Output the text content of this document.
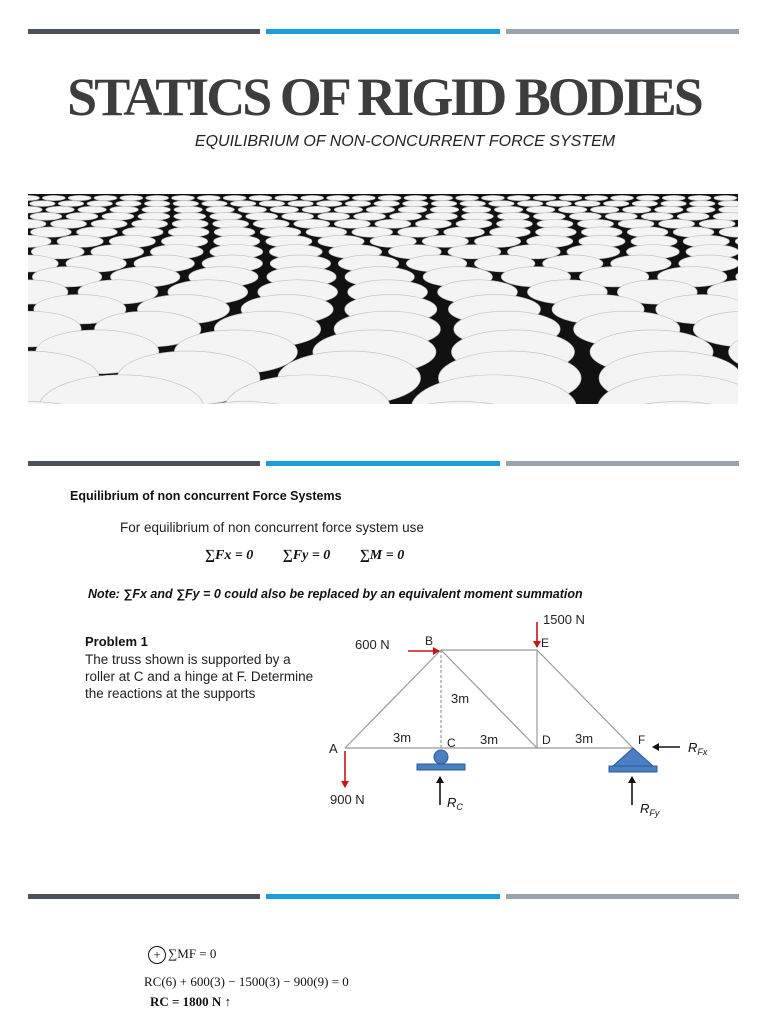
STATICS OF RIGID BODIES
EQUILIBRIUM OF NON-CONCURRENT FORCE SYSTEM
Equilibrium of non concurrent Force Systems
For equilibrium of non concurrent force system use
∑Fx = 0 ∑Fy = 0 ∑M = 0
Note: ∑Fx and ∑Fy = 0 could also be replaced by an equivalent moment summation
Problem 1
The truss shown is supported by a roller at C and a hinge at F. Determine the reactions at the supports
A
B
C	D
E
F
3m	3m	3m
3m
600 N
1500 N
900 N	$R_C$
$R_{Fx}$
$R_{Fy}$
+ ∑MF = 0
RC(6) + 600(3) − 1500(3) − 900(9) = 0
RC = 1800 N ↑
